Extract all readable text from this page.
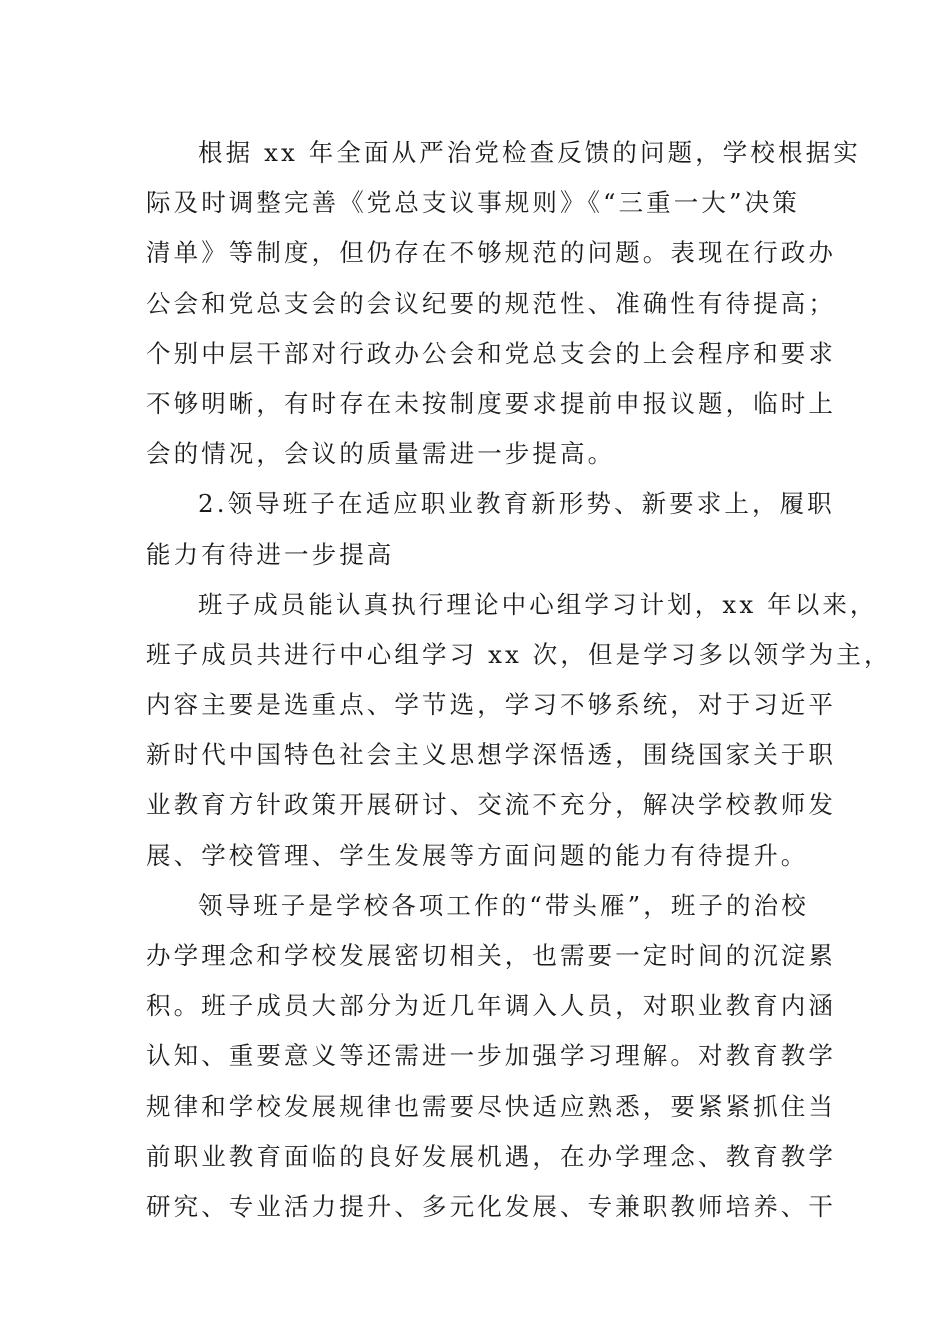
根据 xx 年全面从严治党检查反馈的问题，学校根据实
际及时调整完善《党总支议事规则》《“三重一大”决策
清单》等制度，但仍存在不够规范的问题。表现在行政办
公会和党总支会的会议纪要的规范性、准确性有待提高；
个别中层干部对行政办公会和党总支会的上会程序和要求
不够明晰，有时存在未按制度要求提前申报议题，临时上
会的情况，会议的质量需进一步提高。
2.领导班子在适应职业教育新形势、新要求上，履职
能力有待进一步提高
班子成员能认真执行理论中心组学习计划，xx 年以来，
班子成员共进行中心组学习 xx 次，但是学习多以领学为主，
内容主要是选重点、学节选，学习不够系统，对于习近平
新时代中国特色社会主义思想学深悟透，围绕国家关于职
业教育方针政策开展研讨、交流不充分，解决学校教师发
展、学校管理、学生发展等方面问题的能力有待提升。
领导班子是学校各项工作的“带头雁”，班子的治校
办学理念和学校发展密切相关，也需要一定时间的沉淀累
积。班子成员大部分为近几年调入人员，对职业教育内涵
认知、重要意义等还需进一步加强学习理解。对教育教学
规律和学校发展规律也需要尽快适应熟悉，要紧紧抓住当
前职业教育面临的良好发展机遇，在办学理念、教育教学
研究、专业活力提升、多元化发展、专兼职教师培养、干
